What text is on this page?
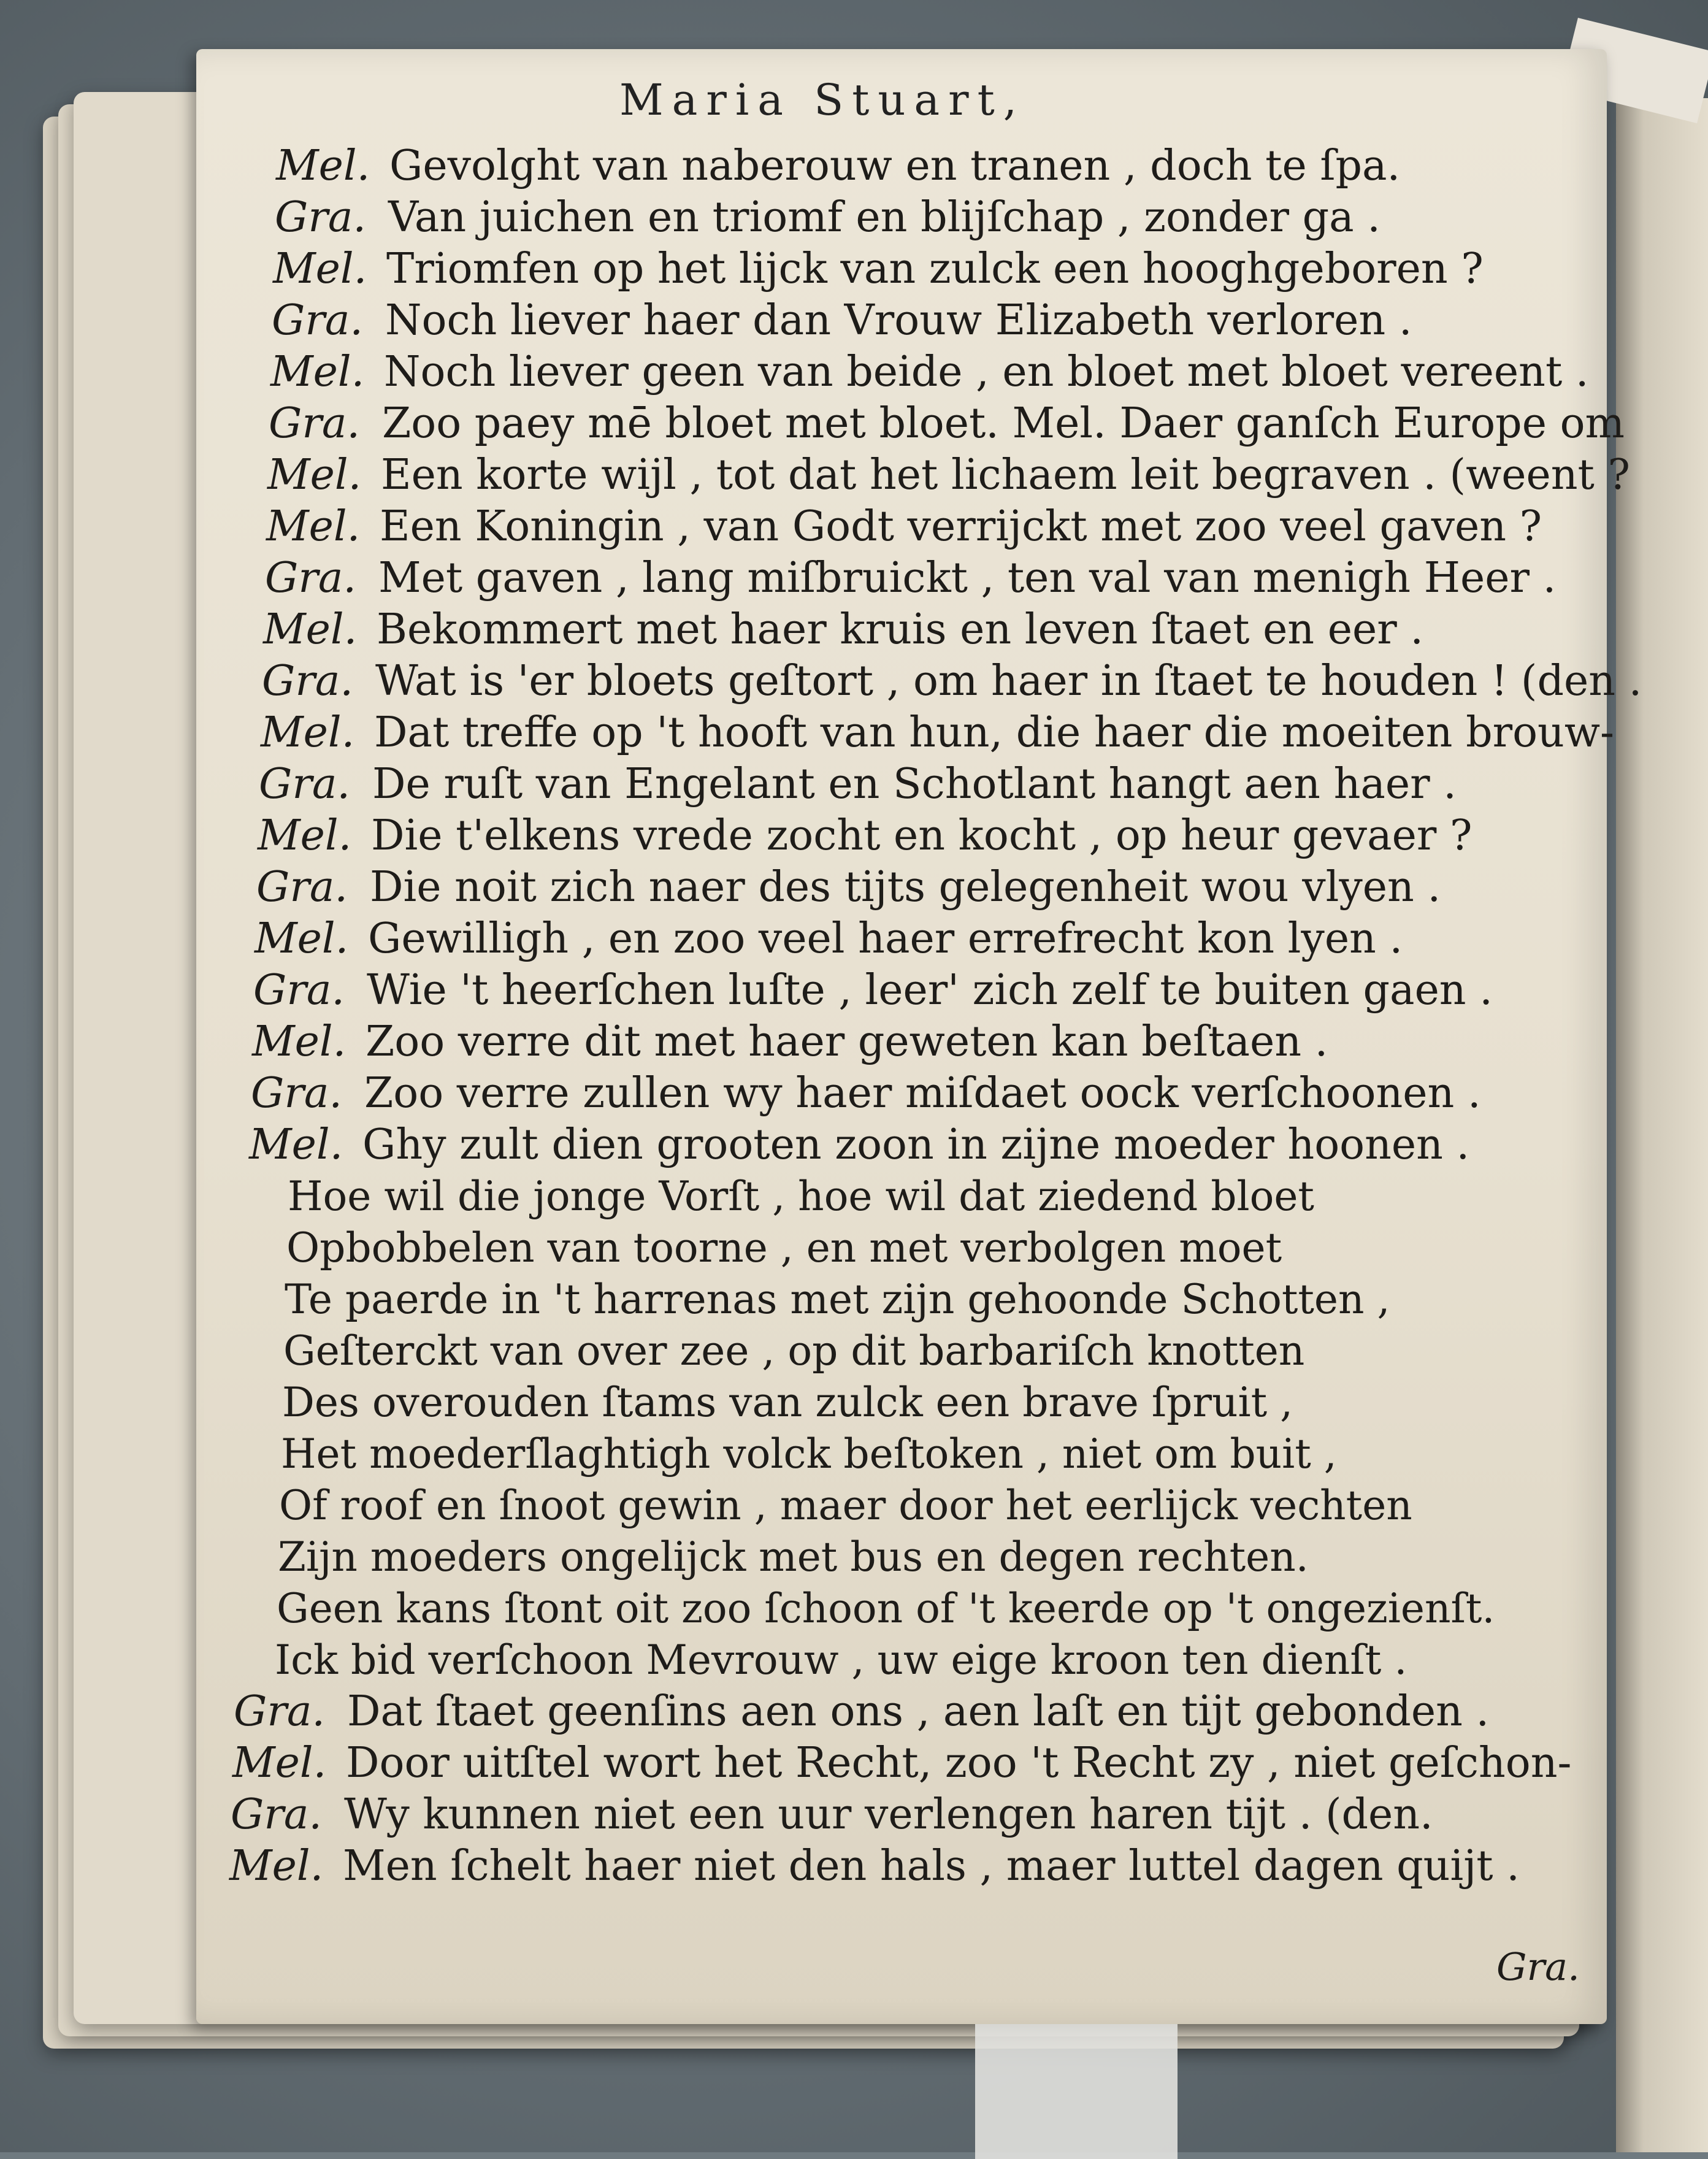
Maria Stuart,
Mel. Gevolght van naberouw en tranen , doch te ſpa.
Gra. Van juichen en triomf en blijſchap , zonder ga .
Mel. Triomfen op het lijck van zulck een hooghgeboren ?
Gra. Noch liever haer dan Vrouw Elizabeth verloren .
Mel. Noch liever geen van beide , en bloet met bloet vereent .
Gra. Zoo paey mē bloet met bloet. Mel. Daer ganſch Europe om
Mel. Een korte wijl , tot dat het lichaem leit begraven . (weent ?
Mel. Een Koningin , van Godt verrijckt met zoo veel gaven ?
Gra. Met gaven , lang miſbruickt , ten val van menigh Heer .
Mel. Bekommert met haer kruis en leven ſtaet en eer .
Gra. Wat is 'er bloets geſtort , om haer in ſtaet te houden ! (den .
Mel. Dat treffe op 't hooft van hun, die haer die moeiten brouw-
Gra. De ruſt van Engelant en Schotlant hangt aen haer .
Mel. Die t'elkens vrede zocht en kocht , op heur gevaer ?
Gra. Die noit zich naer des tijts gelegenheit wou vlyen .
Mel. Gewilligh , en zoo veel haer errefrecht kon lyen .
Gra. Wie 't heerſchen luſte , leer' zich zelf te buiten gaen .
Mel. Zoo verre dit met haer geweten kan beſtaen .
Gra. Zoo verre zullen wy haer miſdaet oock verſchoonen .
Mel. Ghy zult dien grooten zoon in zijne moeder hoonen .
Hoe wil die jonge Vorſt , hoe wil dat ziedend bloet
Opbobbelen van toorne , en met verbolgen moet
Te paerde in 't harrenas met zijn gehoonde Schotten ,
Geſterckt van over zee , op dit barbariſch knotten
Des overouden ſtams van zulck een brave ſpruit ,
Het moederſlaghtigh volck beſtoken , niet om buit ,
Of roof en ſnoot gewin , maer door het eerlijck vechten
Zijn moeders ongelijck met bus en degen rechten.
Geen kans ſtont oit zoo ſchoon of 't keerde op 't ongezienſt.
Ick bid verſchoon Mevrouw , uw eige kroon ten dienſt .
Gra. Dat ſtaet geenſins aen ons , aen laſt en tijt gebonden .
Mel. Door uitſtel wort het Recht, zoo 't Recht zy , niet geſchon-
Gra. Wy kunnen niet een uur verlengen haren tijt . (den.
Mel. Men ſchelt haer niet den hals , maer luttel dagen quijt .
Gra.
